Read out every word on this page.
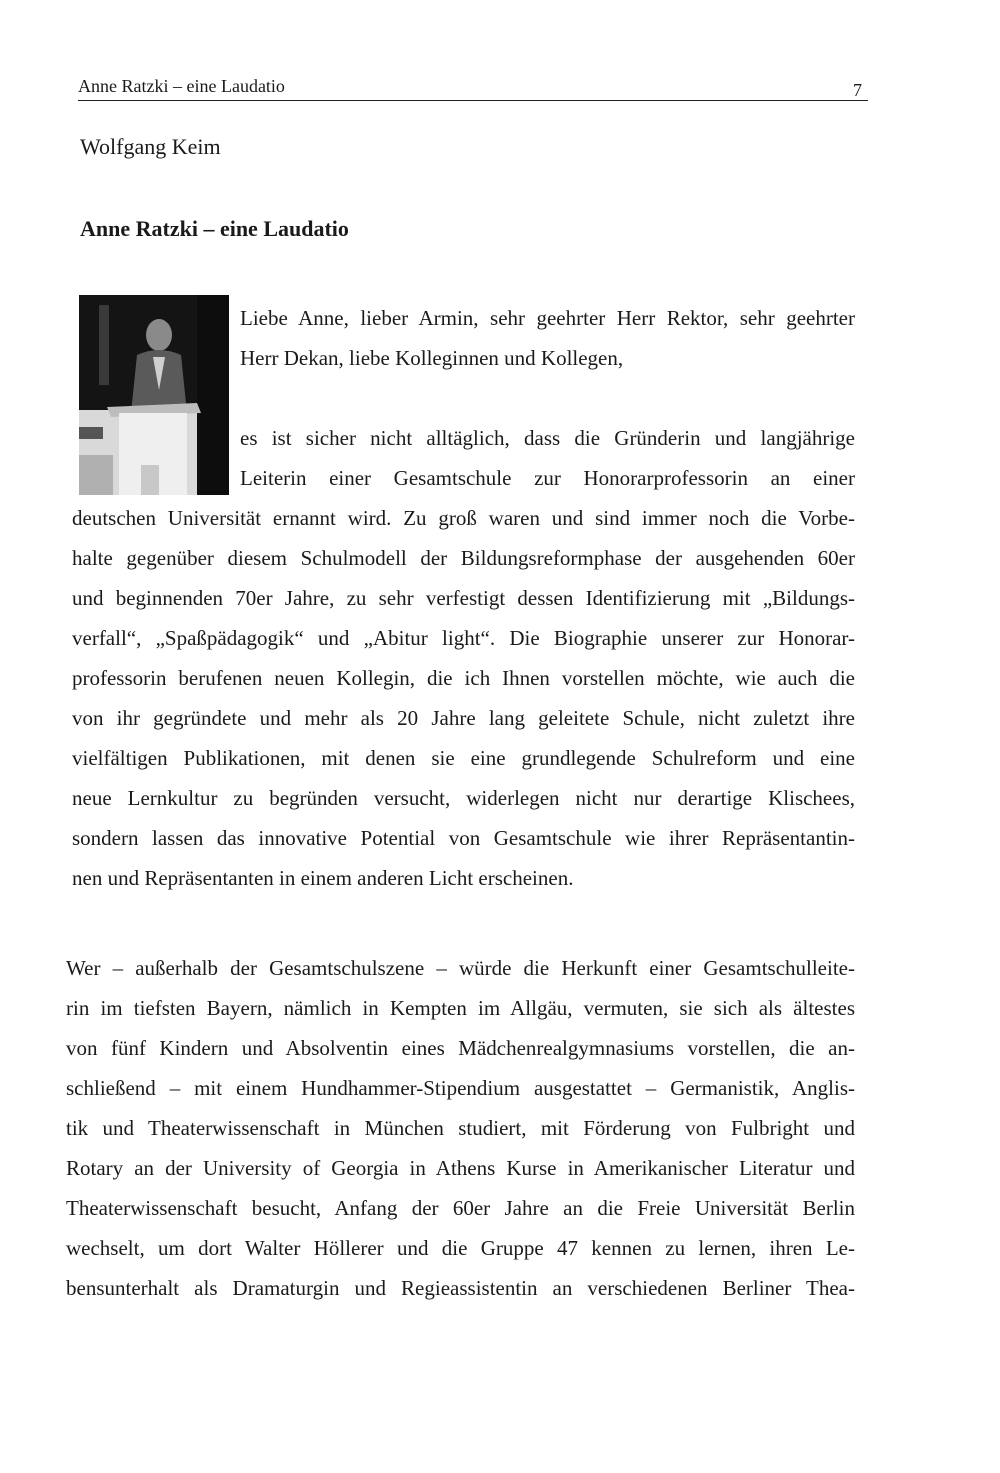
Anne Ratzki – eine Laudatio	7
Wolfgang Keim
Anne Ratzki – eine Laudatio
Liebe Anne, lieber Armin, sehr geehrter Herr Rektor, sehr geehrter
Herr Dekan, liebe Kolleginnen und Kollegen,
es ist sicher nicht alltäglich, dass die Gründerin und langjährige
Leiterin einer Gesamtschule zur Honorarprofessorin an einer
deutschen Universität ernannt wird. Zu groß waren und sind immer noch die Vorbe-
halte gegenüber diesem Schulmodell der Bildungsreformphase der ausgehenden 60er
und beginnenden 70er Jahre, zu sehr verfestigt dessen Identifizierung mit „Bildungs-
verfall“, „Spaßpädagogik“ und „Abitur light“. Die Biographie unserer zur Honorar-
professorin berufenen neuen Kollegin, die ich Ihnen vorstellen möchte, wie auch die
von ihr gegründete und mehr als 20 Jahre lang geleitete Schule, nicht zuletzt ihre
vielfältigen Publikationen, mit denen sie eine grundlegende Schulreform und eine
neue Lernkultur zu begründen versucht, widerlegen nicht nur derartige Klischees,
sondern lassen das innovative Potential von Gesamtschule wie ihrer Repräsentantin-
nen und Repräsentanten in einem anderen Licht erscheinen.
Wer – außerhalb der Gesamtschulszene – würde die Herkunft einer Gesamtschulleite-
rin im tiefsten Bayern, nämlich in Kempten im Allgäu, vermuten, sie sich als ältestes
von fünf Kindern und Absolventin eines Mädchenrealgymnasiums vorstellen, die an-
schließend – mit einem Hundhammer-Stipendium ausgestattet – Germanistik, Anglis-
tik und Theaterwissenschaft in München studiert, mit Förderung von Fulbright und
Rotary an der University of Georgia in Athens Kurse in Amerikanischer Literatur und
Theaterwissenschaft besucht, Anfang der 60er Jahre an die Freie Universität Berlin
wechselt, um dort Walter Höllerer und die Gruppe 47 kennen zu lernen, ihren Le-
bensunterhalt als Dramaturgin und Regieassistentin an verschiedenen Berliner Thea-
